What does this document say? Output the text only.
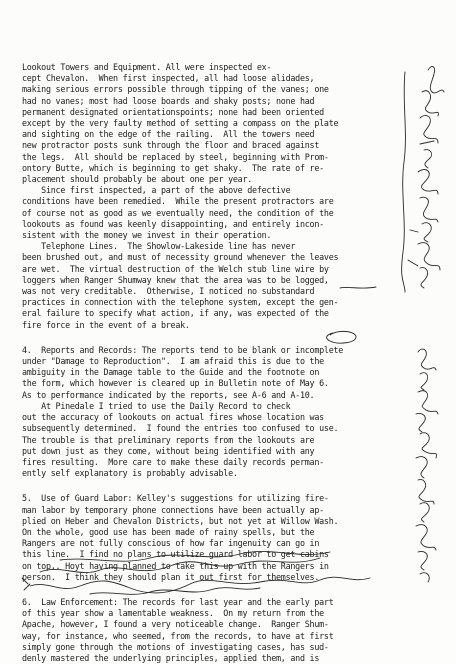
Lookout Towers and Equipment. All were inspected ex-

cept Chevalon.  When first inspected, all had loose alidades,

making serious errors possible through tipping of the vanes; one

had no vanes; most had loose boards and shaky posts; none had

permanent designated orientationspoints; none had been oriented

except by the very faulty method of setting a compass on the plate

and sighting on the edge of the railing.  All the towers need

new protractor posts sunk through the floor and braced against

the legs.  All should be replaced by steel, beginning with Prom-

ontory Butte, which is beginning to get shaky.  The rate of re-

placement should probably be about one per year.

Since first inspected, a part of the above defective

conditions have been remedied.  While the present protractors are

of course not as good as we eventually need, the condition of the

lookouts as found was keenly disappointing, and entirely incon-

sistent with the money we invest in their operation.

Telephone Lines.  The Showlow-Lakeside line has never

been brushed out, and must of necessity ground whenever the leaves

are wet.  The virtual destruction of the Welch stub line wire by

loggers when Ranger Shumway knew that the area was to be logged,

was not very creditable.  Otherwise, I noticed no substandard

practices in connection with the telephone system, except the gen-

eral failure to specify what action, if any, was expected of the

fire force in the event of a break.

4.  Reports and Records: The reports tend to be blank or incomplete

under "Damage to Reproduction".  I am afraid this is due to the

ambiguity in the Damage table to the Guide and the footnote on

the form, which however is cleared up in Bulletin note of May 6.

As to performance indicated by the reports, see A-6 and A-10.

At Pinedale I tried to use the Daily Record to check

out the accuracy of lookouts on actual fires whose location was

subsequently determined.  I found the entries too confused to use.

The trouble is that preliminary reports from the lookouts are

put down just as they come, without being identified with any

fires resulting.  More care to make these daily records perman-

ently self explanatory is probably advisable.

5.  Use of Guard Labor: Kelley's suggestions for utilizing fire-

man labor by temporary phone connections have been actually ap-

plied on Heber and Chevalon Districts, but not yet at Willow Wash.

On the whole, good use has been made of rainy spells, but the

Rangers are not fully conscious of how far ingenuity can go in

this line.  I find no plans to utilize guard labor to get cabins

on top,. Hoyt having planned to take this up with the Rangers in

person.  I think they should plan it out first for themselves.

6.  Law Enforcement: The records for last year and the early part

of this year show a lamentable weakness.  On my return from the

Apache, however, I found a very noticeable change.  Ranger Shum-

way, for instance, who seemed, from the records, to have at first

simply gone through the motions of investigating cases, has sud-

denly mastered the underlying principles, applied them, and is
